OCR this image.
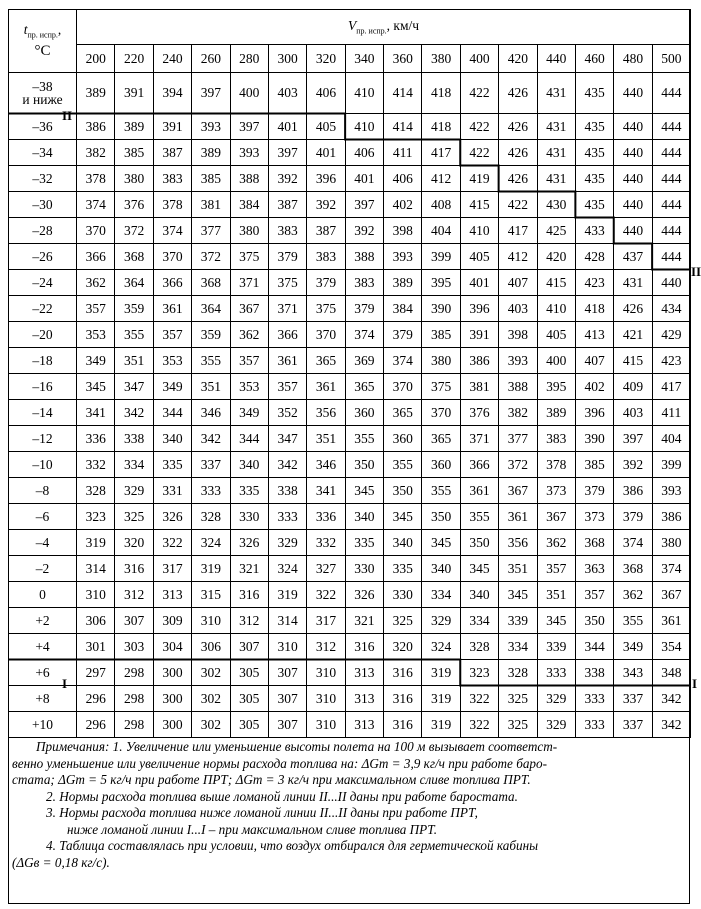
$t_{пр. испр.}$,
°C	$V_{пр. испр.}$, км/ч															
	200	220	240	260	280	300	320	340	360	380	400	420	440	460	480	500

–38
и ниже	389	391	394	397	400	403	406	410	414	418	422	426	431	435	440	444
–36	386	389	391	393	397	401	405	410	414	418	422	426	431	435	440	444
–34	382	385	387	389	393	397	401	406	411	417	422	426	431	435	440	444
–32	378	380	383	385	388	392	396	401	406	412	419	426	431	435	440	444
–30	374	376	378	381	384	387	392	397	402	408	415	422	430	435	440	444
–28	370	372	374	377	380	383	387	392	398	404	410	417	425	433	440	444
–26	366	368	370	372	375	379	383	388	393	399	405	412	420	428	437	444
–24	362	364	366	368	371	375	379	383	389	395	401	407	415	423	431	440
–22	357	359	361	364	367	371	375	379	384	390	396	403	410	418	426	434
–20	353	355	357	359	362	366	370	374	379	385	391	398	405	413	421	429
–18	349	351	353	355	357	361	365	369	374	380	386	393	400	407	415	423
–16	345	347	349	351	353	357	361	365	370	375	381	388	395	402	409	417
–14	341	342	344	346	349	352	356	360	365	370	376	382	389	396	403	411
–12	336	338	340	342	344	347	351	355	360	365	371	377	383	390	397	404
–10	332	334	335	337	340	342	346	350	355	360	366	372	378	385	392	399
–8	328	329	331	333	335	338	341	345	350	355	361	367	373	379	386	393
–6	323	325	326	328	330	333	336	340	345	350	355	361	367	373	379	386
–4	319	320	322	324	326	329	332	335	340	345	350	356	362	368	374	380
–2	314	316	317	319	321	324	327	330	335	340	345	351	357	363	368	374
0	310	312	313	315	316	319	322	326	330	334	340	345	351	357	362	367
+2	306	307	309	310	312	314	317	321	325	329	334	339	345	350	355	361
+4	301	303	304	306	307	310	312	316	320	324	328	334	339	344	349	354
+6	297	298	300	302	305	307	310	313	316	319	323	328	333	338	343	348
+8	296	298	300	302	305	307	310	313	316	319	322	325	329	333	337	342
+10	296	298	300	302	305	307	310	313	316	319	322	325	329	333	337	342
II
II
I	I

Примечания: 1. Увеличение или уменьшение высоты полета на 100 м вызывает соответст-

венно уменьшение или увеличение нормы расхода топлива на: ΔGт = 3,9 кг/ч при работе баро-

стата; ΔGт = 5 кг/ч при работе ПРТ; ΔGт = 3 кг/ч при максимальном сливе топлива ПРТ.

2. Нормы расхода топлива выше ломаной линии II...II даны при работе бaростата.

3. Нормы расхода топлива ниже ломаной линии II...II даны при работе ПРТ,

ниже ломаной линии I...I – при максимальном сливе топлива ПРТ.

4. Таблица составлялась при условии, что воздух отбирался для герметической кабины

(ΔGв = 0,18 кг/с).
